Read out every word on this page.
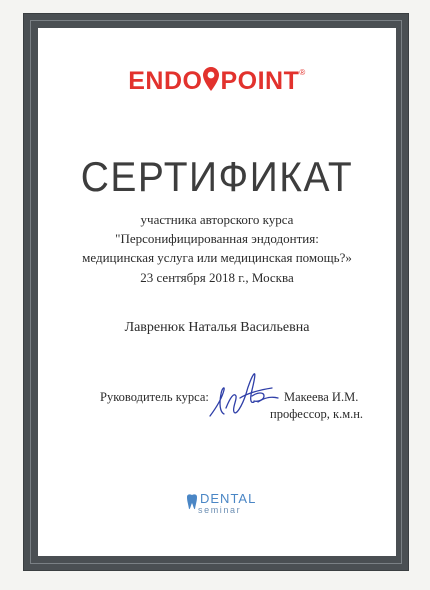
ENDO POINT®
СЕРТИФИКАТ
участника авторского курса
"Персонифицированная эндодонтия:
медицинская услуга или медицинская помощь?»
23 сентября 2018 г., Москва
Лавренюк Наталья Васильевна
Руководитель курса:	Макеева И.М.
профессор, к.м.н.
DENTAL
seminar
